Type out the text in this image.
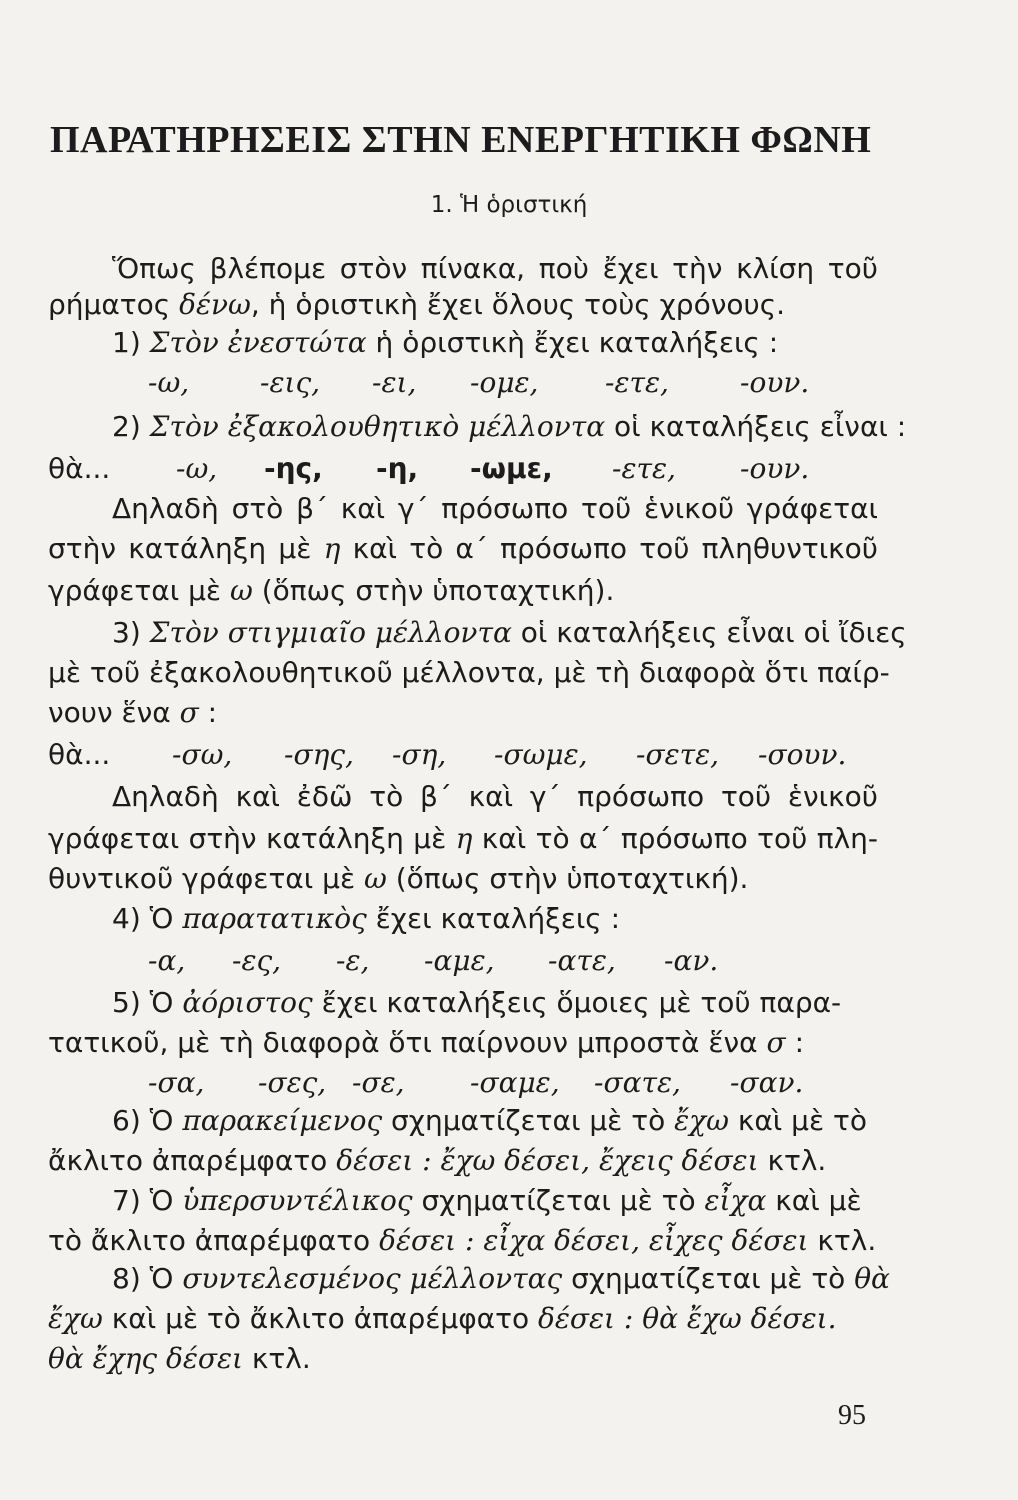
ΠΑΡΑΤΗΡΗΣΕΙΣ ΣΤΗΝ ΕΝΕΡΓΗΤΙΚΗ ΦΩΝΗ
1. Ἡ ὁριστική
Ὅπως βλέπομε στὸν πίνακα, ποὺ ἔχει τὴν κλίση τοῦ
ρήματος δένω, ἡ ὁριστικὴ ἔχει ὅλους τοὺς χρόνους.
1) Στὸν ἐνεστώτα ἡ ὁριστικὴ ἔχει καταλήξεις :
-ω,	-εις, -ει, -ομε, -ετε,	-ουν.
2) Στὸν ἐξακολουθητικὸ μέλλοντα οἱ καταλήξεις εἶναι :
θὰ... -ω, -ης, -η, -ωμε, -ετε, -ουν.
Δηλαδὴ στὸ β΄ καὶ γ΄ πρόσωπο τοῦ ἑνικοῦ γράφεται
στὴν κατάληξη μὲ η καὶ τὸ α΄ πρόσωπο τοῦ πληθυντικοῦ
γράφεται μὲ ω (ὅπως στὴν ὑποταχτική).
3) Στὸν στιγμιαῖο μέλλοντα οἱ καταλήξεις εἶναι οἱ ἴδιες
μὲ τοῦ ἐξακολουθητικοῦ μέλλοντα, μὲ τὴ διαφορὰ ὅτι παίρ-
νουν ἕνα σ :
θὰ... -σω, -σης, -ση, -σωμε, -σετε, -σουν.
Δηλαδὴ καὶ ἐδῶ τὸ β΄ καὶ γ΄ πρόσωπο τοῦ ἑνικοῦ
γράφεται στὴν κατάληξη μὲ η καὶ τὸ α΄ πρόσωπο τοῦ πλη-
θυντικοῦ γράφεται μὲ ω (ὅπως στὴν ὑποταχτική).
4) Ὁ παρατατικὸς ἔχει καταλήξεις :
-α, -ες, -ε, -αμε, -ατε, -αν.
5) Ὁ ἀόριστος ἔχει καταλήξεις ὅμοιες μὲ τοῦ παρα-
τατικοῦ, μὲ τὴ διαφορὰ ὅτι παίρνουν μπροστὰ ἕνα σ :
-σα, -σες, -σε, -σαμε, -σατε, -σαν.
6) Ὁ παρακείμενος σχηματίζεται μὲ τὸ ἔχω καὶ μὲ τὸ
ἄκλιτο ἀπαρέμφατο δέσει : ἔχω δέσει, ἔχεις δέσει κτλ.
7) Ὁ ὑπερσυντέλικος σχηματίζεται μὲ τὸ εἶχα καὶ μὲ
τὸ ἄκλιτο ἀπαρέμφατο δέσει : εἶχα δέσει, εἶχες δέσει κτλ.
8) Ὁ συντελεσμένος μέλλοντας σχηματίζεται μὲ τὸ θὰ
ἔχω καὶ μὲ τὸ ἄκλιτο ἀπαρέμφατο δέσει : θὰ ἔχω δέσει.
θὰ ἔχης δέσει κτλ.
95
